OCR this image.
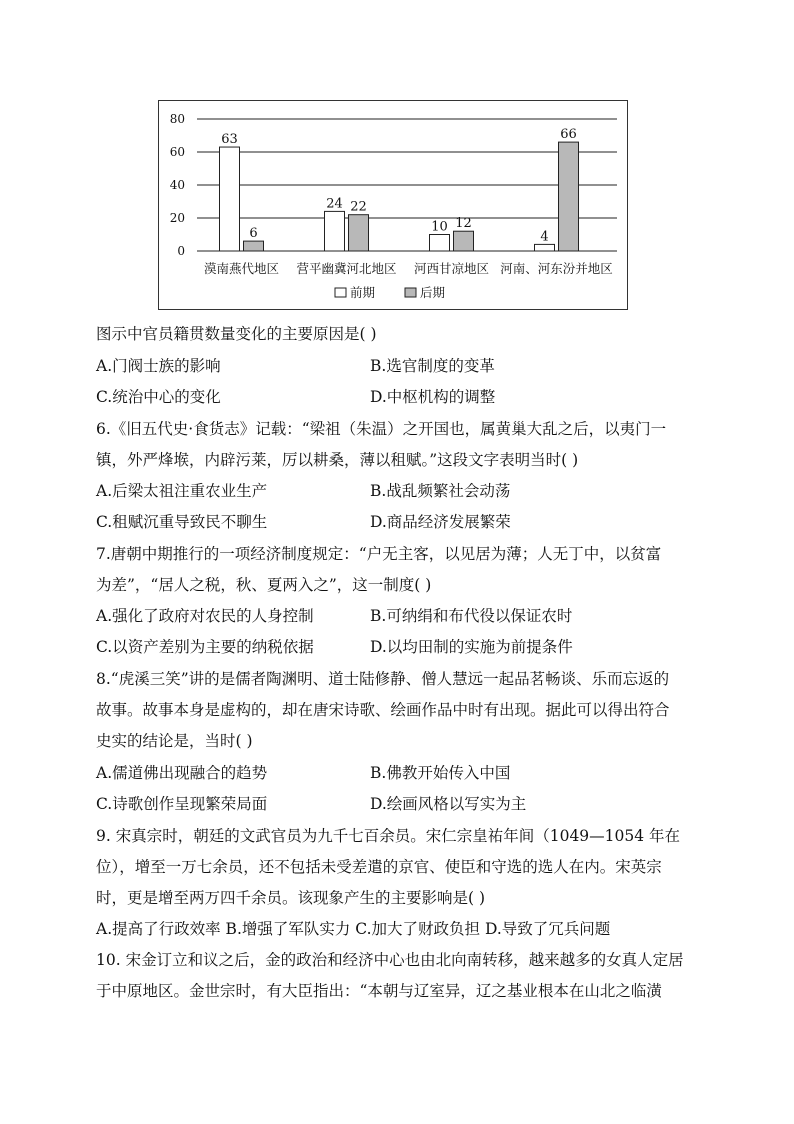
0
20
40
60
80
63
6
漠南燕代地区
24 22
营平幽冀河北地区
10 12
河西甘凉地区
4
66
河南、河东汾并地区
前期	后期
图示中官员籍贯数量变化的主要原因是( )
A.门阀士族的影响	B.选官制度的变革
C.统治中心的变化	D.中枢机构的调整
6.《旧五代史·食货志》记载：“梁祖（朱温）之开国也，属黄巢大乱之后，以夷门一
镇，外严烽堠，内辟污莱，厉以耕桑，薄以租赋。”这段文字表明当时( )
A.后梁太祖注重农业生产	B.战乱频繁社会动荡
C.租赋沉重导致民不聊生	D.商品经济发展繁荣
7.唐朝中期推行的一项经济制度规定：“户无主客，以见居为薄；人无丁中，以贫富
为差”，“居人之税，秋、夏两入之”，这一制度( )
A.强化了政府对农民的人身控制	B.可纳绢和布代役以保证农时
C.以资产差别为主要的纳税依据	D.以均田制的实施为前提条件
8.“虎溪三笑”讲的是儒者陶渊明、道士陆修静、僧人慧远一起品茗畅谈、乐而忘返的
故事。故事本身是虚构的，却在唐宋诗歌、绘画作品中时有出现。据此可以得出符合
史实的结论是，当时( )
A.儒道佛出现融合的趋势	B.佛教开始传入中国
C.诗歌创作呈现繁荣局面	D.绘画风格以写实为主
9. 宋真宗时，朝廷的文武官员为九千七百余员。宋仁宗皇祐年间（1049—1054 年在
位），增至一万七余员，还不包括未受差遣的京官、使臣和守选的选人在内。宋英宗
时，更是增至两万四千余员。该现象产生的主要影响是( )
A.提高了行政效率 B.增强了军队实力 C.加大了财政负担 D.导致了冗兵问题
10. 宋金订立和议之后，金的政治和经济中心也由北向南转移，越来越多的女真人定居
于中原地区。金世宗时，有大臣指出：“本朝与辽室异，辽之基业根本在山北之临潢
